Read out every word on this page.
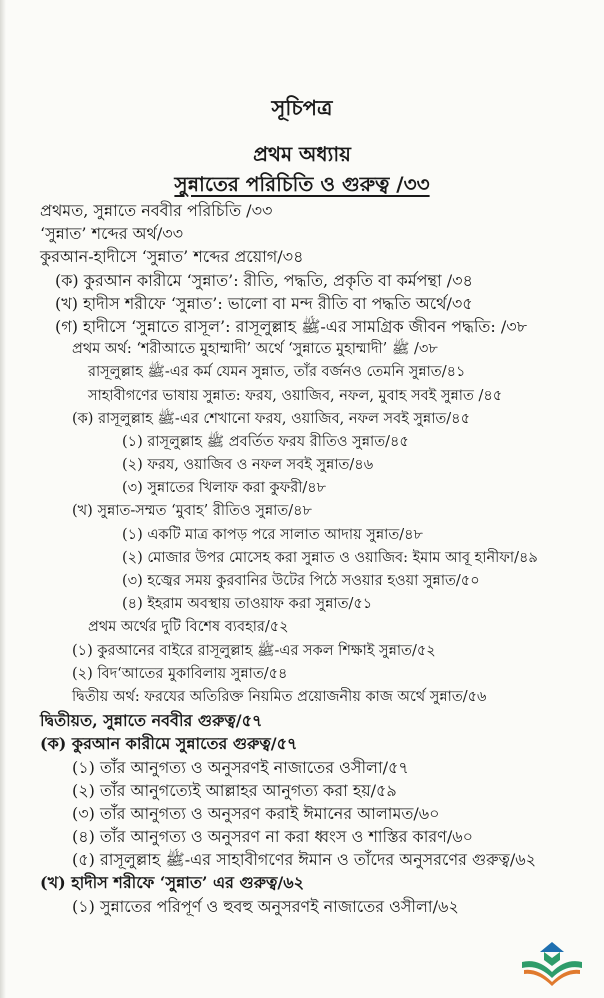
সূচিপত্র
প্রথম অধ্যায়
সুন্নাতের পরিচিতি ও গুরুত্ব /৩৩
প্রথমত, সুন্নাতে নববীর পরিচিতি /৩৩
‘সুন্নাত’ শব্দের অর্থ/৩৩
কুরআন-হাদীসে ‘সুন্নাত’ শব্দের প্রয়োগ/৩৪
(ক) কুরআন কারীমে ‘সুন্নাত’: রীতি, পদ্ধতি, প্রকৃতি বা কর্মপন্থা /৩৪
(খ) হাদীস শরীফে ‘সুন্নাত’: ভালো বা মন্দ রীতি বা পদ্ধতি অর্থে/৩৫
(গ) হাদীসে ‘সুন্নাতে রাসূল’: রাসূলুল্লাহ ﷺ-এর সামগ্রিক জীবন পদ্ধতি: /৩৮
প্রথম অর্থ: ‘শরীআতে মুহাম্মাদী’ অর্থে ‘সুন্নাতে মুহাম্মাদী’ ﷺ /৩৮
রাসূলুল্লাহ ﷺ-এর কর্ম যেমন সুন্নাত, তাঁর বর্জনও তেমনি সুন্নাত/৪১
সাহাবীগণের ভাষায় সুন্নাত: ফরয, ওয়াজিব, নফল, মুবাহ সবই সুন্নাত /৪৫
(ক) রাসূলুল্লাহ ﷺ-এর শেখানো ফরয, ওয়াজিব, নফল সবই সুন্নাত/৪৫
(১) রাসূলুল্লাহ ﷺ প্রবর্তিত ফরয রীতিও সুন্নাত/৪৫
(২) ফরয, ওয়াজিব ও নফল সবই সুন্নাত/৪৬
(৩) সুন্নাতের খিলাফ করা কুফরী/৪৮
(খ) সুন্নাত-সম্মত ‘মুবাহ’ রীতিও সুন্নাত/৪৮
(১) একটি মাত্র কাপড় পরে সালাত আদায় সুন্নাত/৪৮
(২) মোজার উপর মোসেহ করা সুন্নাত ও ওয়াজিব: ইমাম আবূ হানীফা/৪৯
(৩) হজ্বের সময় কুরবানির উটের পিঠে সওয়ার হওয়া সুন্নাত/৫০
(৪) ইহরাম অবস্থায় তাওয়াফ করা সুন্নাত/৫১
প্রথম অর্থের দুটি বিশেষ ব্যবহার/৫২
(১) কুরআনের বাইরে রাসূলুল্লাহ ﷺ-এর সকল শিক্ষাই সুন্নাত/৫২
(২) বিদ‘আতের মুকাবিলায় সুন্নাত/৫৪
দ্বিতীয় অর্থ: ফরযের অতিরিক্ত নিয়মিত প্রয়োজনীয় কাজ অর্থে সুন্নাত/৫৬
দ্বিতীয়ত, সুন্নাতে নববীর গুরুত্ব/৫৭
(ক) কুরআন কারীমে সুন্নাতের গুরুত্ব/৫৭
(১) তাঁর আনুগত্য ও অনুসরণই নাজাতের ওসীলা/৫৭
(২) তাঁর আনুগত্যেই আল্লাহর আনুগত্য করা হয়/৫৯
(৩) তাঁর আনুগত্য ও অনুসরণ করাই ঈমানের আলামত/৬০
(৪) তাঁর আনুগত্য ও অনুসরণ না করা ধ্বংস ও শাস্তির কারণ/৬০
(৫) রাসূলুল্লাহ ﷺ-এর সাহাবীগণের ঈমান ও তাঁদের অনুসরণের গুরুত্ব/৬২
(খ) হাদীস শরীফে ‘সুন্নাত’ এর গুরুত্ব/৬২
(১) সুন্নাতের পরিপূর্ণ ও হুবহু অনুসরণই নাজাতের ওসীলা/৬২
